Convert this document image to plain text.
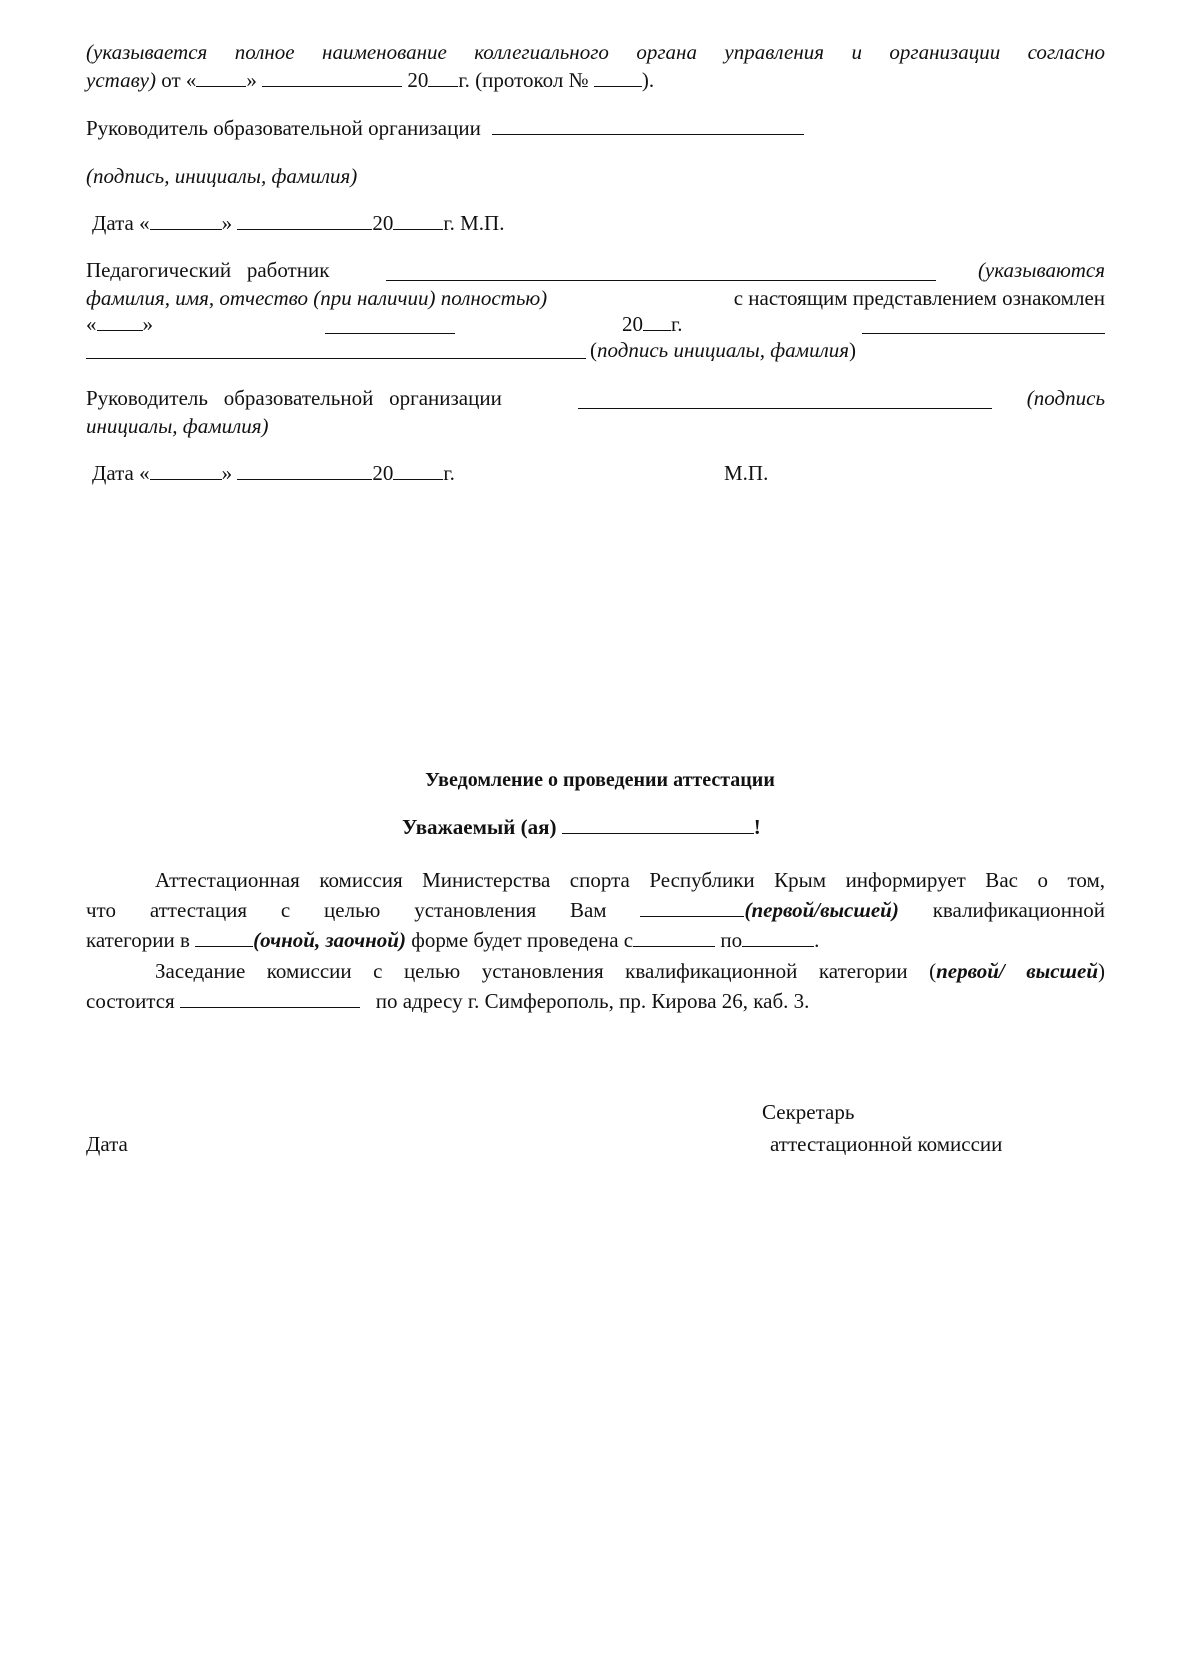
(указывается полное наименование коллегиального органа управления и организации согласно
уставу) от « »	20 г. (протокол №	).
Руководитель образовательной организации
(подпись, инициалы, фамилия)
Дата «	»	20 г. М.П.
Педагогический работник	(указываются
фамилия, имя, отчество (при наличии) полностью)	с настоящим представлением ознакомлен
« »	20 г.
(подпись инициалы, фамилия)
Руководитель образовательной организации	(подпись
инициалы, фамилия)
Дата «	»	20 г.	М.П.
Уведомление о проведении аттестации
Уважаемый (ая)	!
Аттестационная комиссия Министерства спорта Республики Крым информирует Вас о том,
что аттестация с целью установления Вам	(первой/высшей) квалификационной
категории в	(очной, заочной) форме будет проведена с	по	.
Заседание комиссии с целью установления квалификационной категории (первой/ высшей)
состоится	по адресу г. Симферополь, пр. Кирова 26, каб. 3.
Секретарь
Дата	аттестационной комиссии
